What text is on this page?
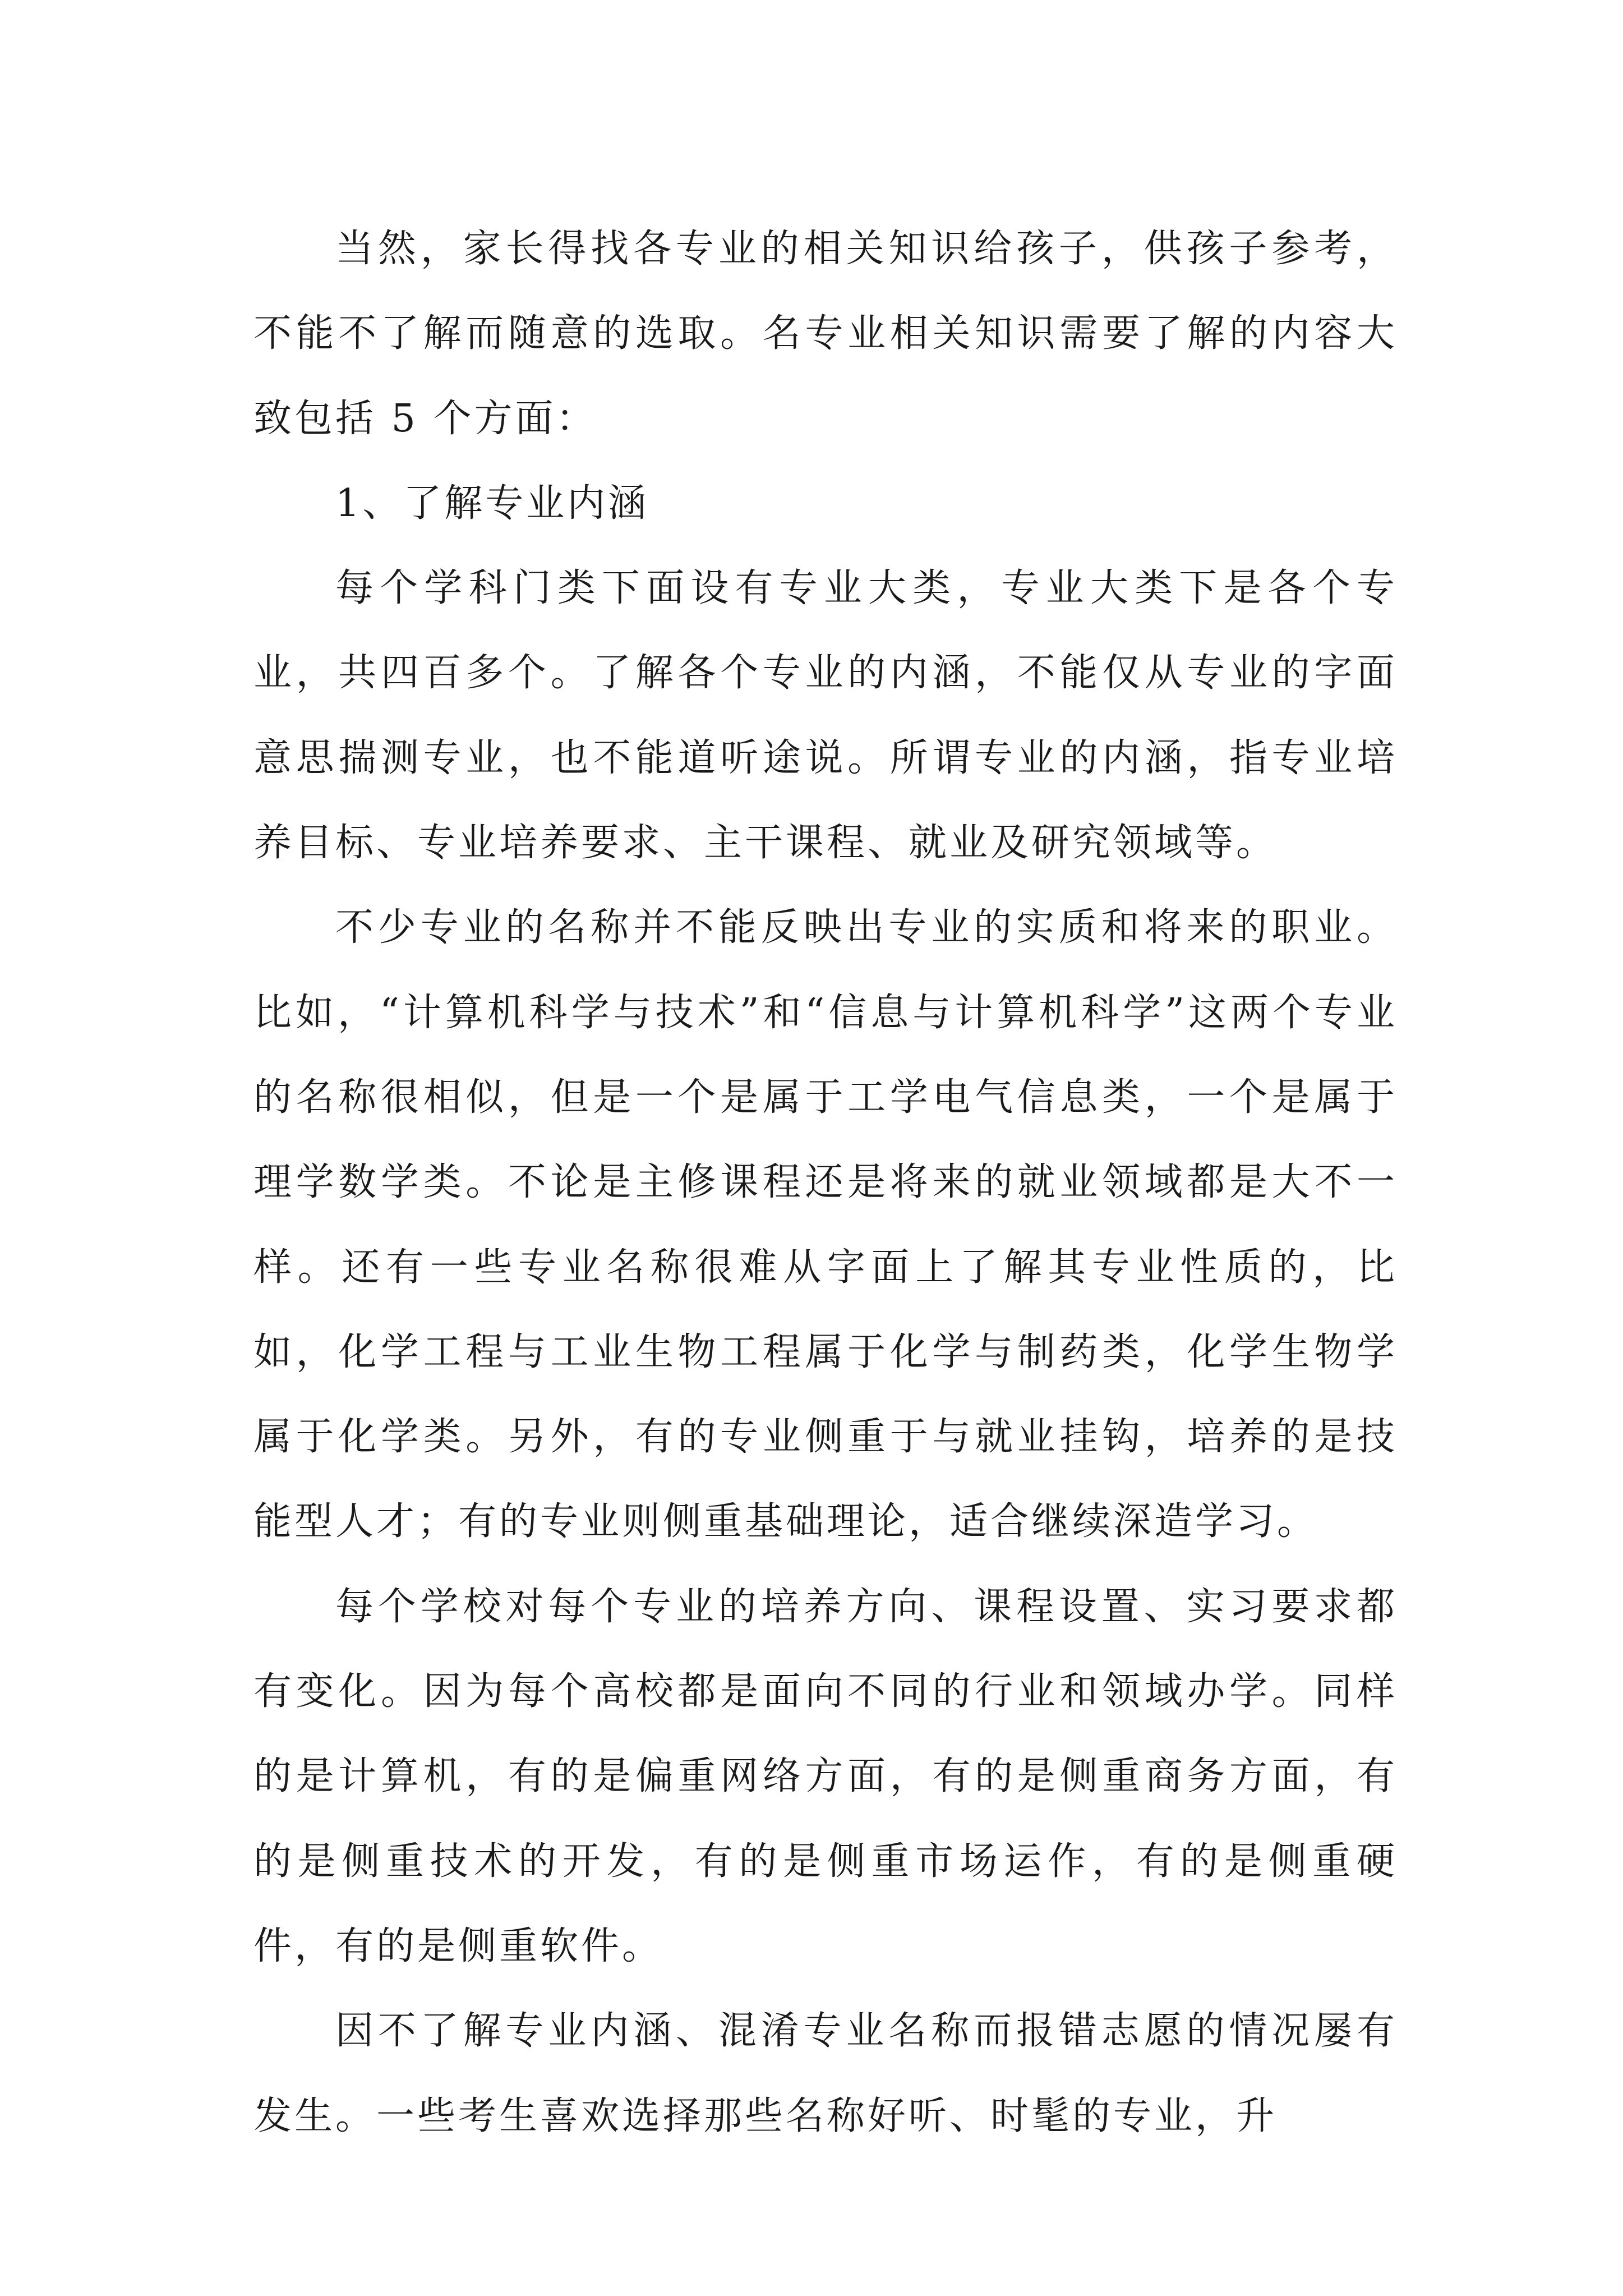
当然，家长得找各专业的相关知识给孩子，供孩子参考，不能不了解而随意的选取。名专业相关知识需要了解的内容大致包括 5 个方面：

1、了解专业内涵

每个学科门类下面设有专业大类，专业大类下是各个专业，共四百多个。了解各个专业的内涵，不能仅从专业的字面意思揣测专业，也不能道听途说。所谓专业的内涵，指专业培养目标、专业培养要求、主干课程、就业及研究领域等。

不少专业的名称并不能反映出专业的实质和将来的职业。比如，“计算机科学与技术”和“信息与计算机科学”这两个专业的名称很相似，但是一个是属于工学电气信息类，一个是属于理学数学类。不论是主修课程还是将来的就业领域都是大不一样。还有一些专业名称很难从字面上了解其专业性质的，比如，化学工程与工业生物工程属于化学与制药类，化学生物学属于化学类。另外，有的专业侧重于与就业挂钩，培养的是技能型人才；有的专业则侧重基础理论，适合继续深造学习。

每个学校对每个专业的培养方向、课程设置、实习要求都有变化。因为每个高校都是面向不同的行业和领域办学。同样的是计算机，有的是偏重网络方面，有的是侧重商务方面，有的是侧重技术的开发，有的是侧重市场运作，有的是侧重硬件，有的是侧重软件。

因不了解专业内涵、混淆专业名称而报错志愿的情况屡有发生。一些考生喜欢选择那些名称好听、时髦的专业，升
